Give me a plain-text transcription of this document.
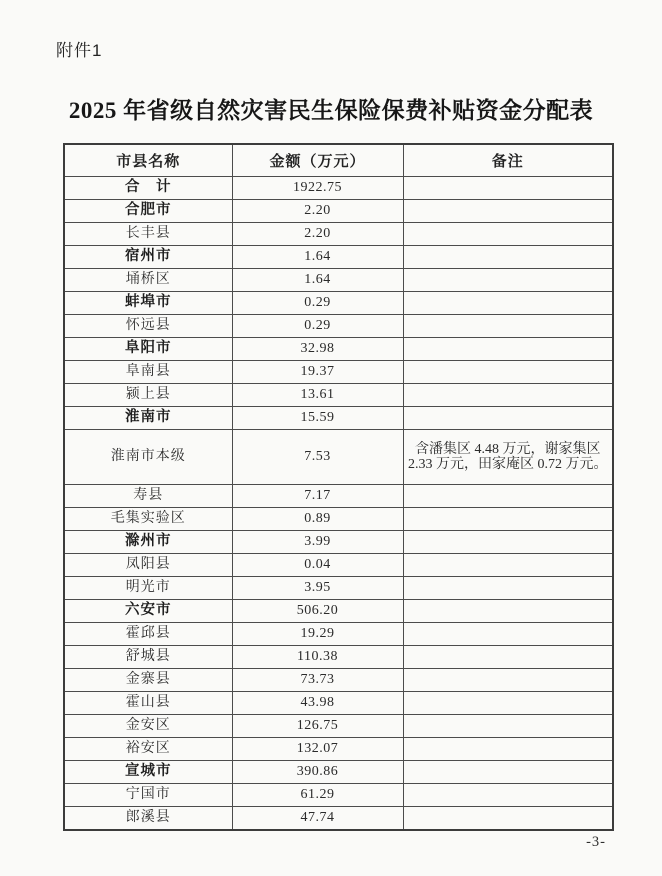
附件1
2025 年省级自然灾害民生保险保费补贴资金分配表
市县名称	金额（万元）	备注
合　计	1922.75	
合肥市	2.20	
长丰县	2.20	
宿州市	1.64	
埇桥区	1.64	
蚌埠市	0.29	
怀远县	0.29	
阜阳市	32.98	
阜南县	19.37	
颍上县	13.61	
淮南市	15.59	
淮南市本级	7.53	含潘集区 4.48 万元，谢家集区 2.33 万元，田家庵区 0.72 万元。
寿县	7.17	
毛集实验区	0.89	
滁州市	3.99	
凤阳县	0.04	
明光市	3.95	
六安市	506.20	
霍邱县	19.29	
舒城县	110.38	
金寨县	73.73	
霍山县	43.98	
金安区	126.75	
裕安区	132.07	
宣城市	390.86	
宁国市	61.29	
郎溪县	47.74	
-3-
